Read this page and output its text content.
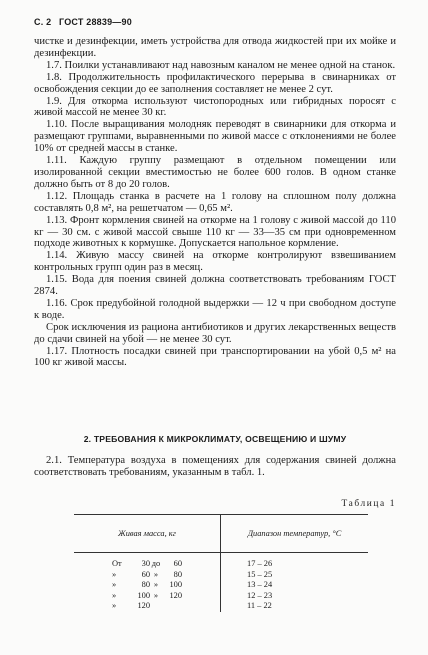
С. 2 ГОСТ 28839—90

чистке и дезинфекции, иметь устройства для отвода жидкостей при их мойке и дезинфекции.

1.7. Поилки устанавливают над навозным каналом не менее одной на станок.

1.8. Продолжительность профилактического перерыва в свинарниках от освобождения секции до ее заполнения составляет не менее 2 сут.

1.9. Для откорма используют чистопородных или гибридных поросят с живой массой не менее 30 кг.

1.10. После выращивания молодняк переводят в свинарники для откорма и размещают группами, выравненными по живой массе с отклонениями не более 10% от средней массы в станке.

1.11. Каждую группу размещают в отдельном помещении или изолированной секции вместимостью не более 600 голов. В одном станке должно быть от 8 до 20 голов.

1.12. Площадь станка в расчете на 1 голову на сплошном полу должна составлять 0,8 м², на решетчатом — 0,65 м².

1.13. Фронт кормления свиней на откорме на 1 голову с живой массой до 110 кг — 30 см. с живой массой свыше 110 кг — 33—35 см при одновременном подходе животных к кормушке. Допускается напольное кормление.

1.14. Живую массу свиней на откорме контролируют взвешиванием контрольных групп один раз в месяц.

1.15. Вода для поения свиней должна соответствовать требованиям ГОСТ 2874.

1.16. Срок предубойной голодной выдержки — 12 ч при свободном доступе к воде.

Срок исключения из рациона антибиотиков и других лекарственных веществ до сдачи свиней на убой — не менее 30 сут.

1.17. Плотность посадки свиней при транспортировании на убой 0,5 м² на 100 кг живой массы.

2. ТРЕБОВАНИЯ К МИКРОКЛИМАТУ, ОСВЕЩЕНИЮ И ШУМУ

2.1. Температура воздуха в помещениях для содержания свиней должна соответствовать требованиям, указанным в табл. 1.

Таблица 1
Живая масса, кг	Диапазон температур, °С

От 30 до 60	17 – 26

» 60 » 80	15 – 25

» 80 » 100	13 – 24

» 100 » 120	12 – 23

» 120	11 – 22
